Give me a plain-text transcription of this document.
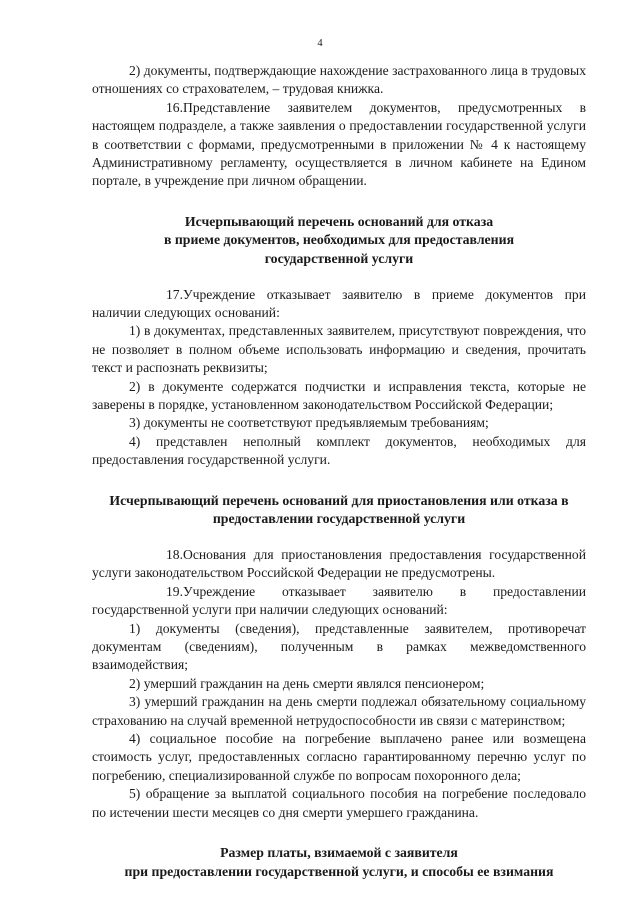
4

2) документы, подтверждающие нахождение застрахованного лица в трудовых отношениях со страхователем, – трудовая книжка.

16.Представление заявителем документов, предусмотренных в настоящем подразделе, а также заявления о предоставлении государственной услуги в соответствии с формами, предусмотренными в приложении № 4 к настоящему Административному регламенту, осуществляется в личном кабинете на Едином портале, в учреждение при личном обращении.

Исчерпывающий перечень оснований для отказа
в приеме документов, необходимых для предоставления
государственной услуги

17.Учреждение отказывает заявителю в приеме документов при наличии следующих оснований:

1) в документах, представленных заявителем, присутствуют повреждения, что не позволяет в полном объеме использовать информацию и сведения, прочитать текст и распознать реквизиты;

2) в документе содержатся подчистки и исправления текста, которые не заверены в порядке, установленном законодательством Российской Федерации;

3) документы не соответствуют предъявляемым требованиям;

4) представлен неполный комплект документов, необходимых для предоставления государственной услуги.

Исчерпывающий перечень оснований для приостановления или отказа в
предоставлении государственной услуги

18.Основания для приостановления предоставления государственной услуги законодательством Российской Федерации не предусмотрены.

19.Учреждение отказывает заявителю в предоставлении государственной услуги при наличии следующих оснований:

1) документы (сведения), представленные заявителем, противоречат документам (сведениям), полученным в рамках межведомственного взаимодействия;

2) умерший гражданин на день смерти являлся пенсионером;

3) умерший гражданин на день смерти подлежал обязательному социальному страхованию на случай временной нетрудоспособности ив связи с материнством;

4) социальное пособие на погребение выплачено ранее или возмещена стоимость услуг, предоставленных согласно гарантированному перечню услуг по погребению, специализированной службе по вопросам похоронного дела;

5) обращение за выплатой социального пособия на погребение последовало по истечении шести месяцев со дня смерти умершего гражданина.

Размер платы, взимаемой с заявителя
при предоставлении государственной услуги, и способы ее взимания
